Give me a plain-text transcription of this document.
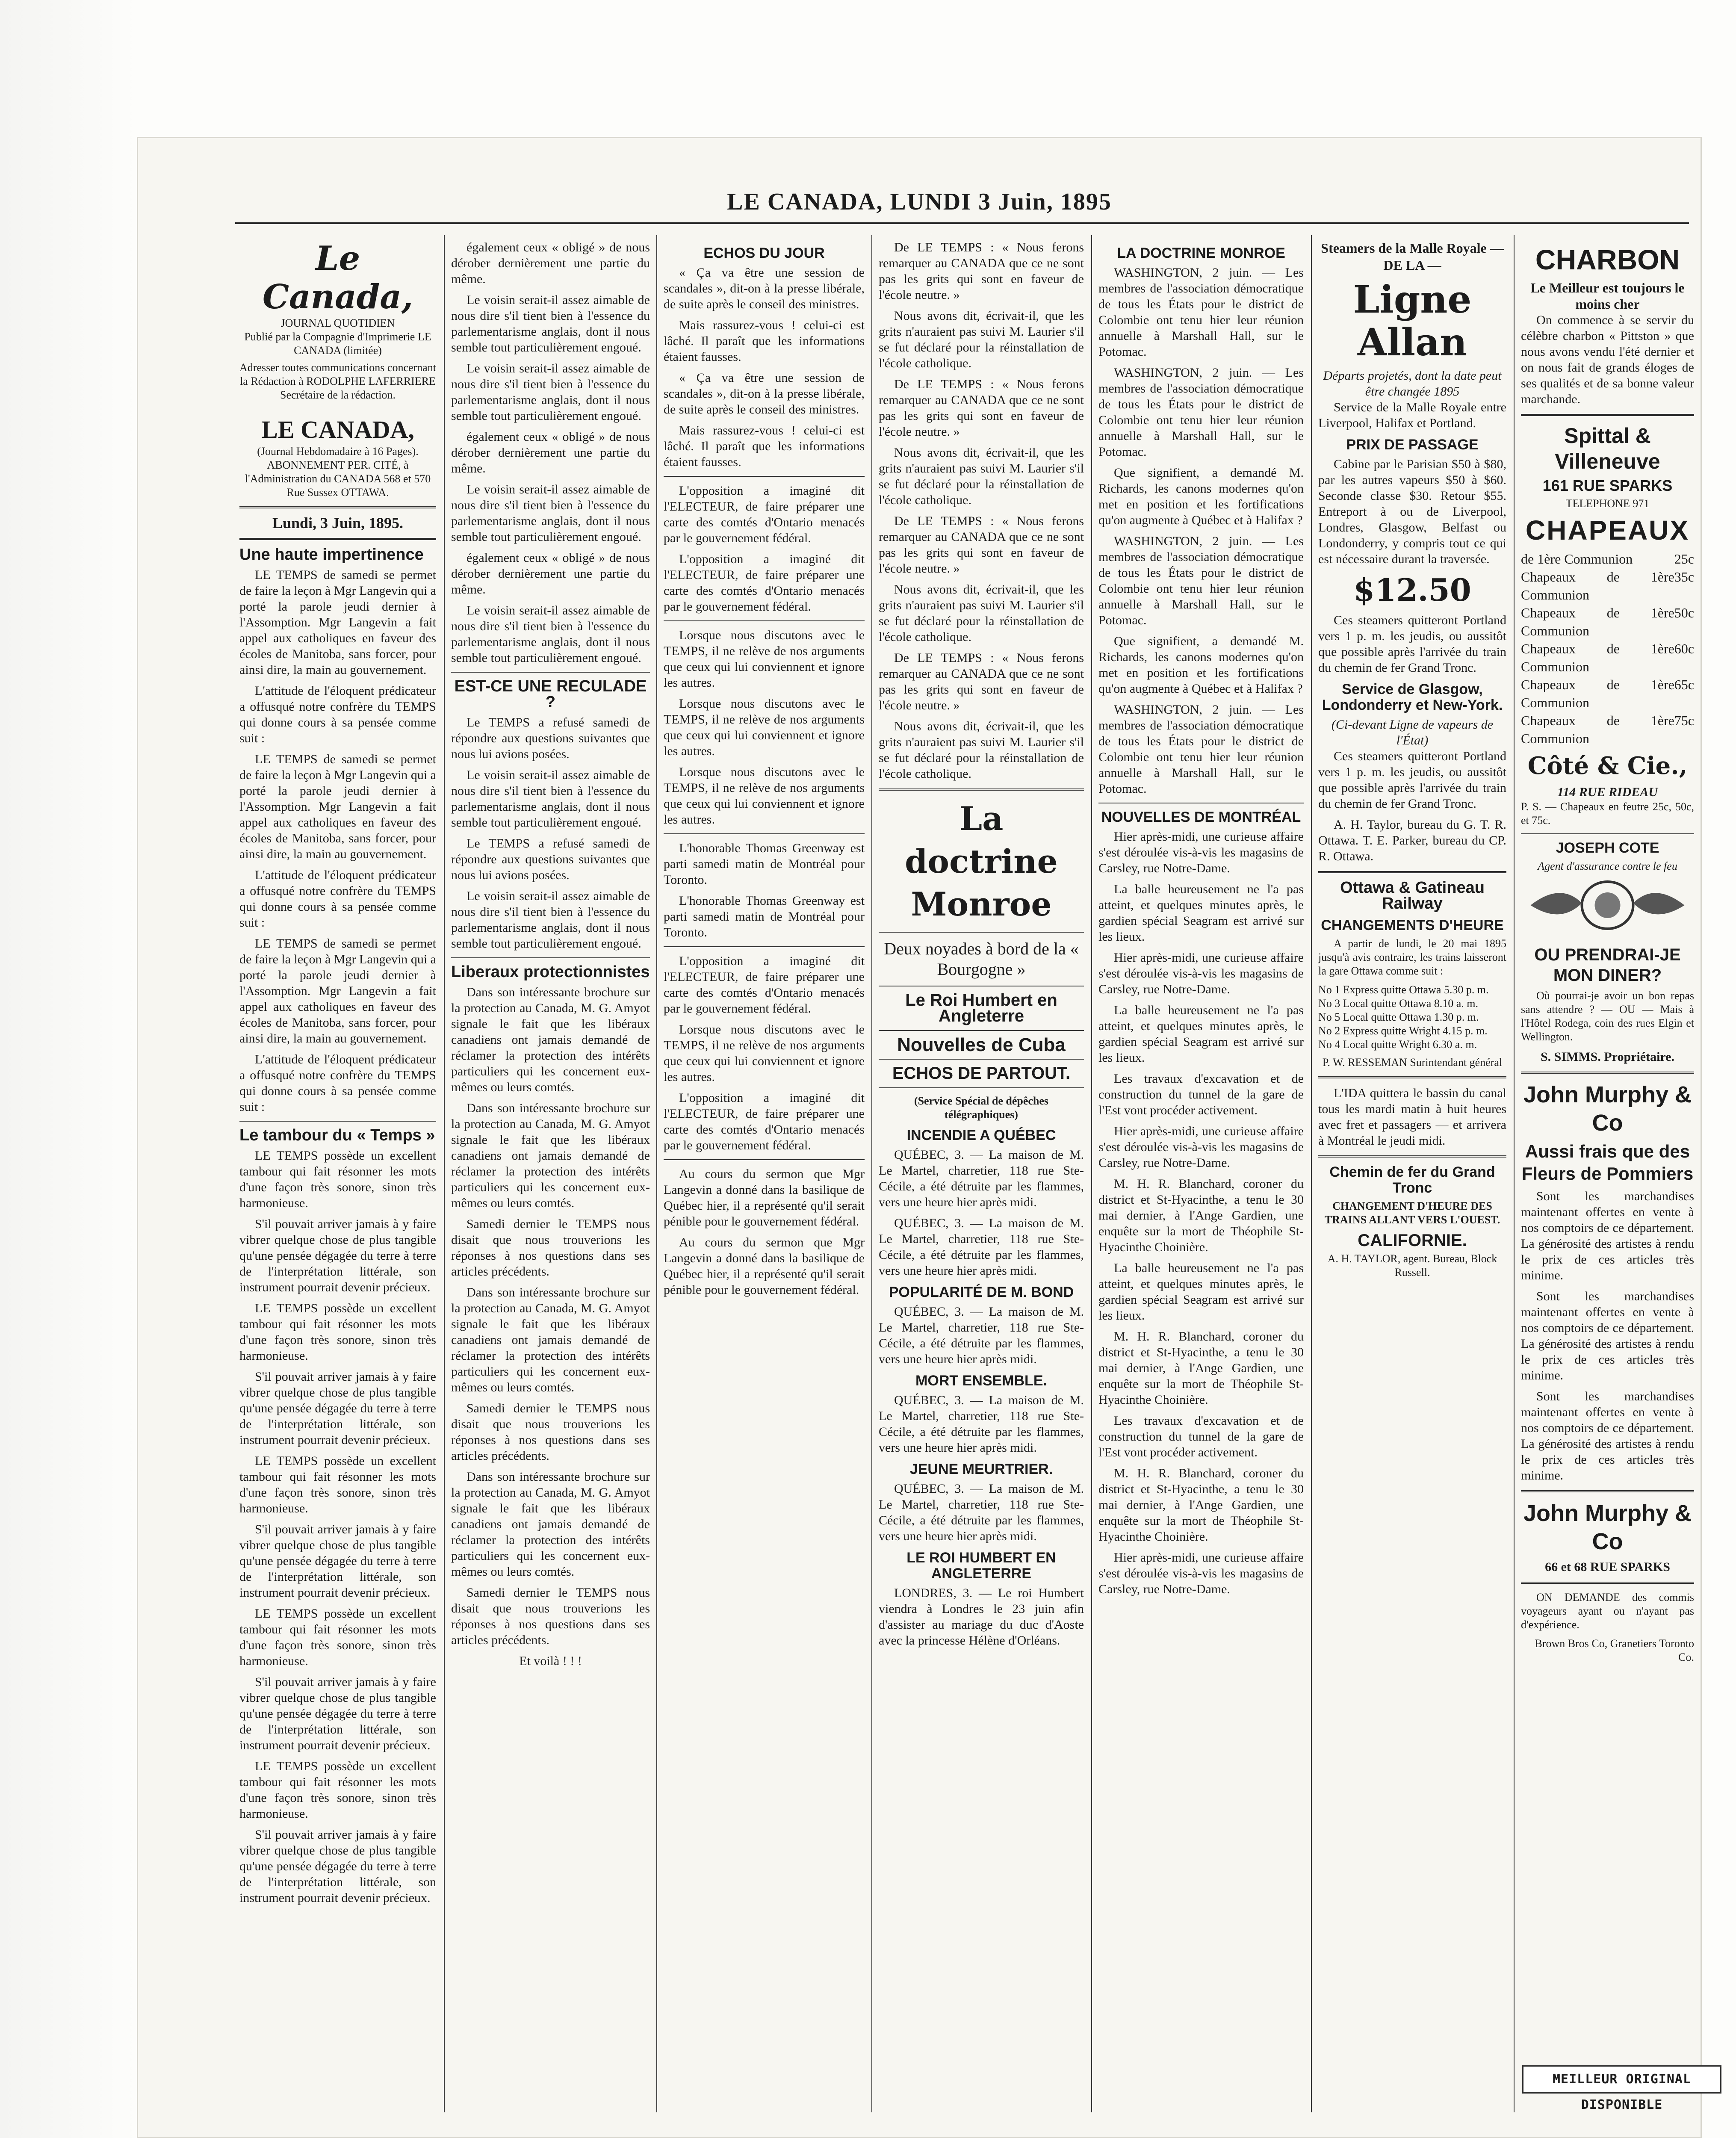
LE CANADA, LUNDI 3 Juin, 1895
Le Canada,
JOURNAL QUOTIDIEN
Publié par la Compagnie d'Imprimerie LE CANADA (limitée)
Adresser toutes communications concernant la Rédaction à RODOLPHE LAFERRIERE Secrétaire de la rédaction.
LE CANADA,
(Journal Hebdomadaire à 16 Pages).
ABONNEMENT PER. CITÉ, à l'Administration du CANADA 568 et 570 Rue Sussex OTTAWA.
Lundi, 3 Juin, 1895.
Une haute impertinence

LE TEMPS de samedi se permet de faire la leçon à Mgr Langevin qui a porté la parole jeudi dernier à l'Assomption. Mgr Langevin a fait appel aux catholiques en faveur des écoles de Manitoba, sans forcer, pour ainsi dire, la main au gouvernement.

L'attitude de l'éloquent prédicateur a offusqué notre confrère du TEMPS qui donne cours à sa pensée comme suit :

LE TEMPS de samedi se permet de faire la leçon à Mgr Langevin qui a porté la parole jeudi dernier à l'Assomption. Mgr Langevin a fait appel aux catholiques en faveur des écoles de Manitoba, sans forcer, pour ainsi dire, la main au gouvernement.

L'attitude de l'éloquent prédicateur a offusqué notre confrère du TEMPS qui donne cours à sa pensée comme suit :

LE TEMPS de samedi se permet de faire la leçon à Mgr Langevin qui a porté la parole jeudi dernier à l'Assomption. Mgr Langevin a fait appel aux catholiques en faveur des écoles de Manitoba, sans forcer, pour ainsi dire, la main au gouvernement.

L'attitude de l'éloquent prédicateur a offusqué notre confrère du TEMPS qui donne cours à sa pensée comme suit :

Le tambour du « Temps »

LE TEMPS possède un excellent tambour qui fait résonner les mots d'une façon très sonore, sinon très harmonieuse.

S'il pouvait arriver jamais à y faire vibrer quelque chose de plus tangible qu'une pensée dégagée du terre à terre de l'interprétation littérale, son instrument pourrait devenir précieux.

LE TEMPS possède un excellent tambour qui fait résonner les mots d'une façon très sonore, sinon très harmonieuse.

S'il pouvait arriver jamais à y faire vibrer quelque chose de plus tangible qu'une pensée dégagée du terre à terre de l'interprétation littérale, son instrument pourrait devenir précieux.

LE TEMPS possède un excellent tambour qui fait résonner les mots d'une façon très sonore, sinon très harmonieuse.

S'il pouvait arriver jamais à y faire vibrer quelque chose de plus tangible qu'une pensée dégagée du terre à terre de l'interprétation littérale, son instrument pourrait devenir précieux.

LE TEMPS possède un excellent tambour qui fait résonner les mots d'une façon très sonore, sinon très harmonieuse.

S'il pouvait arriver jamais à y faire vibrer quelque chose de plus tangible qu'une pensée dégagée du terre à terre de l'interprétation littérale, son instrument pourrait devenir précieux.

LE TEMPS possède un excellent tambour qui fait résonner les mots d'une façon très sonore, sinon très harmonieuse.

S'il pouvait arriver jamais à y faire vibrer quelque chose de plus tangible qu'une pensée dégagée du terre à terre de l'interprétation littérale, son instrument pourrait devenir précieux.

également ceux « obligé » de nous dérober dernièrement une partie du même.

Le voisin serait-il assez aimable de nous dire s'il tient bien à l'essence du parlementarisme anglais, dont il nous semble tout particulièrement engoué.

Le voisin serait-il assez aimable de nous dire s'il tient bien à l'essence du parlementarisme anglais, dont il nous semble tout particulièrement engoué.

également ceux « obligé » de nous dérober dernièrement une partie du même.

Le voisin serait-il assez aimable de nous dire s'il tient bien à l'essence du parlementarisme anglais, dont il nous semble tout particulièrement engoué.

également ceux « obligé » de nous dérober dernièrement une partie du même.

Le voisin serait-il assez aimable de nous dire s'il tient bien à l'essence du parlementarisme anglais, dont il nous semble tout particulièrement engoué.

EST-CE UNE RECULADE ?

Le TEMPS a refusé samedi de répondre aux questions suivantes que nous lui avions posées.

Le voisin serait-il assez aimable de nous dire s'il tient bien à l'essence du parlementarisme anglais, dont il nous semble tout particulièrement engoué.

Le TEMPS a refusé samedi de répondre aux questions suivantes que nous lui avions posées.

Le voisin serait-il assez aimable de nous dire s'il tient bien à l'essence du parlementarisme anglais, dont il nous semble tout particulièrement engoué.

Liberaux protectionnistes

Dans son intéressante brochure sur la protection au Canada, M. G. Amyot signale le fait que les libéraux canadiens ont jamais demandé de réclamer la protection des intérêts particuliers qui les concernent eux-mêmes ou leurs comtés.

Dans son intéressante brochure sur la protection au Canada, M. G. Amyot signale le fait que les libéraux canadiens ont jamais demandé de réclamer la protection des intérêts particuliers qui les concernent eux-mêmes ou leurs comtés.

Samedi dernier le TEMPS nous disait que nous trouverions les réponses à nos questions dans ses articles précédents.

Dans son intéressante brochure sur la protection au Canada, M. G. Amyot signale le fait que les libéraux canadiens ont jamais demandé de réclamer la protection des intérêts particuliers qui les concernent eux-mêmes ou leurs comtés.

Samedi dernier le TEMPS nous disait que nous trouverions les réponses à nos questions dans ses articles précédents.

Dans son intéressante brochure sur la protection au Canada, M. G. Amyot signale le fait que les libéraux canadiens ont jamais demandé de réclamer la protection des intérêts particuliers qui les concernent eux-mêmes ou leurs comtés.

Samedi dernier le TEMPS nous disait que nous trouverions les réponses à nos questions dans ses articles précédents.

Et voilà ! ! !

ECHOS DU JOUR

« Ça va être une session de scandales », dit-on à la presse libérale, de suite après le conseil des ministres.

Mais rassurez-vous ! celui-ci est lâché. Il paraît que les informations étaient fausses.

« Ça va être une session de scandales », dit-on à la presse libérale, de suite après le conseil des ministres.

Mais rassurez-vous ! celui-ci est lâché. Il paraît que les informations étaient fausses.

L'opposition a imaginé dit l'ELECTEUR, de faire préparer une carte des comtés d'Ontario menacés par le gouvernement fédéral.

L'opposition a imaginé dit l'ELECTEUR, de faire préparer une carte des comtés d'Ontario menacés par le gouvernement fédéral.

Lorsque nous discutons avec le TEMPS, il ne relève de nos arguments que ceux qui lui conviennent et ignore les autres.

Lorsque nous discutons avec le TEMPS, il ne relève de nos arguments que ceux qui lui conviennent et ignore les autres.

Lorsque nous discutons avec le TEMPS, il ne relève de nos arguments que ceux qui lui conviennent et ignore les autres.

L'honorable Thomas Greenway est parti samedi matin de Montréal pour Toronto.

L'honorable Thomas Greenway est parti samedi matin de Montréal pour Toronto.

L'opposition a imaginé dit l'ELECTEUR, de faire préparer une carte des comtés d'Ontario menacés par le gouvernement fédéral.

Lorsque nous discutons avec le TEMPS, il ne relève de nos arguments que ceux qui lui conviennent et ignore les autres.

L'opposition a imaginé dit l'ELECTEUR, de faire préparer une carte des comtés d'Ontario menacés par le gouvernement fédéral.

Au cours du sermon que Mgr Langevin a donné dans la basilique de Québec hier, il a représenté qu'il serait pénible pour le gouvernement fédéral.

Au cours du sermon que Mgr Langevin a donné dans la basilique de Québec hier, il a représenté qu'il serait pénible pour le gouvernement fédéral.

De LE TEMPS : « Nous ferons remarquer au CANADA que ce ne sont pas les grits qui sont en faveur de l'école neutre. »

Nous avons dit, écrivait-il, que les grits n'auraient pas suivi M. Laurier s'il se fut déclaré pour la réinstallation de l'école catholique.

De LE TEMPS : « Nous ferons remarquer au CANADA que ce ne sont pas les grits qui sont en faveur de l'école neutre. »

Nous avons dit, écrivait-il, que les grits n'auraient pas suivi M. Laurier s'il se fut déclaré pour la réinstallation de l'école catholique.

De LE TEMPS : « Nous ferons remarquer au CANADA que ce ne sont pas les grits qui sont en faveur de l'école neutre. »

Nous avons dit, écrivait-il, que les grits n'auraient pas suivi M. Laurier s'il se fut déclaré pour la réinstallation de l'école catholique.

De LE TEMPS : « Nous ferons remarquer au CANADA que ce ne sont pas les grits qui sont en faveur de l'école neutre. »

Nous avons dit, écrivait-il, que les grits n'auraient pas suivi M. Laurier s'il se fut déclaré pour la réinstallation de l'école catholique.

La doctrine Monroe
Deux noyades à bord de la « Bourgogne »
Le Roi Humbert en Angleterre
Nouvelles de Cuba
ECHOS DE PARTOUT.
(Service Spécial de dépêches télégraphiques)
INCENDIE A QUÉBEC

QUÉBEC, 3. — La maison de M. Le Martel, charretier, 118 rue Ste-Cécile, a été détruite par les flammes, vers une heure hier après midi.

QUÉBEC, 3. — La maison de M. Le Martel, charretier, 118 rue Ste-Cécile, a été détruite par les flammes, vers une heure hier après midi.

POPULARITÉ DE M. BOND

QUÉBEC, 3. — La maison de M. Le Martel, charretier, 118 rue Ste-Cécile, a été détruite par les flammes, vers une heure hier après midi.

MORT ENSEMBLE.

QUÉBEC, 3. — La maison de M. Le Martel, charretier, 118 rue Ste-Cécile, a été détruite par les flammes, vers une heure hier après midi.

JEUNE MEURTRIER.

QUÉBEC, 3. — La maison de M. Le Martel, charretier, 118 rue Ste-Cécile, a été détruite par les flammes, vers une heure hier après midi.

LE ROI HUMBERT EN ANGLETERRE

LONDRES, 3. — Le roi Humbert viendra à Londres le 23 juin afin d'assister au mariage du duc d'Aoste avec la princesse Hélène d'Orléans.

LA DOCTRINE MONROE

WASHINGTON, 2 juin. — Les membres de l'association démocratique de tous les États pour le district de Colombie ont tenu hier leur réunion annuelle à Marshall Hall, sur le Potomac.

WASHINGTON, 2 juin. — Les membres de l'association démocratique de tous les États pour le district de Colombie ont tenu hier leur réunion annuelle à Marshall Hall, sur le Potomac.

Que signifient, a demandé M. Richards, les canons modernes qu'on met en position et les fortifications qu'on augmente à Québec et à Halifax ?

WASHINGTON, 2 juin. — Les membres de l'association démocratique de tous les États pour le district de Colombie ont tenu hier leur réunion annuelle à Marshall Hall, sur le Potomac.

Que signifient, a demandé M. Richards, les canons modernes qu'on met en position et les fortifications qu'on augmente à Québec et à Halifax ?

WASHINGTON, 2 juin. — Les membres de l'association démocratique de tous les États pour le district de Colombie ont tenu hier leur réunion annuelle à Marshall Hall, sur le Potomac.

NOUVELLES DE MONTRÉAL

Hier après-midi, une curieuse affaire s'est déroulée vis-à-vis les magasins de Carsley, rue Notre-Dame.

La balle heureusement ne l'a pas atteint, et quelques minutes après, le gardien spécial Seagram est arrivé sur les lieux.

Hier après-midi, une curieuse affaire s'est déroulée vis-à-vis les magasins de Carsley, rue Notre-Dame.

La balle heureusement ne l'a pas atteint, et quelques minutes après, le gardien spécial Seagram est arrivé sur les lieux.

Les travaux d'excavation et de construction du tunnel de la gare de l'Est vont procéder activement.

Hier après-midi, une curieuse affaire s'est déroulée vis-à-vis les magasins de Carsley, rue Notre-Dame.

M. H. R. Blanchard, coroner du district et St-Hyacinthe, a tenu le 30 mai dernier, à l'Ange Gardien, une enquête sur la mort de Théophile St-Hyacinthe Choinière.

La balle heureusement ne l'a pas atteint, et quelques minutes après, le gardien spécial Seagram est arrivé sur les lieux.

M. H. R. Blanchard, coroner du district et St-Hyacinthe, a tenu le 30 mai dernier, à l'Ange Gardien, une enquête sur la mort de Théophile St-Hyacinthe Choinière.

Les travaux d'excavation et de construction du tunnel de la gare de l'Est vont procéder activement.

M. H. R. Blanchard, coroner du district et St-Hyacinthe, a tenu le 30 mai dernier, à l'Ange Gardien, une enquête sur la mort de Théophile St-Hyacinthe Choinière.

Hier après-midi, une curieuse affaire s'est déroulée vis-à-vis les magasins de Carsley, rue Notre-Dame.

Steamers de la Malle Royale — DE LA —
Ligne Allan
Départs projetés, dont la date peut être changée 1895

Service de la Malle Royale entre Liverpool, Halifax et Portland.

PRIX DE PASSAGE

Cabine par le Parisian $50 à $80, par les autres vapeurs $50 à $60. Seconde classe $30. Retour $55. Entreport à ou de Liverpool, Londres, Glasgow, Belfast ou Londonderry, y compris tout ce qui est nécessaire durant la traversée.

$12.50

Ces steamers quitteront Portland vers 1 p. m. les jeudis, ou aussitôt que possible après l'arrivée du train du chemin de fer Grand Tronc.

Service de Glasgow, Londonderry et New-York.
(Ci-devant Ligne de vapeurs de l'État)

Ces steamers quitteront Portland vers 1 p. m. les jeudis, ou aussitôt que possible après l'arrivée du train du chemin de fer Grand Tronc.

A. H. Taylor, bureau du G. T. R. Ottawa. T. E. Parker, bureau du CP. R. Ottawa.

Ottawa & Gatineau Railway
CHANGEMENTS D'HEURE

A partir de lundi, le 20 mai 1895 jusqu'à avis contraire, les trains laisseront la gare Ottawa comme suit :

No 1 Express quitte Ottawa 5.30 p. m.
No 3 Local quitte Ottawa 8.10 a. m.
No 5 Local quitte Ottawa 1.30 p. m.
No 2 Express quitte Wright 4.15 p. m.
No 4 Local quitte Wright 6.30 a. m.
P. W. RESSEMAN Surintendant général

L'IDA quittera le bassin du canal tous les mardi matin à huit heures avec fret et passagers — et arrivera à Montréal le jeudi midi.

Chemin de fer du Grand Tronc
CHANGEMENT D'HEURE DES TRAINS ALLANT VERS L'OUEST.
CALIFORNIE.
A. H. TAYLOR, agent. Bureau, Block Russell.
CHARBON
Le Meilleur est toujours le moins cher

On commence à se servir du célèbre charbon « Pittston » que nous avons vendu l'été dernier et on nous fait de grands éloges de ses qualités et de sa bonne valeur marchande.

Spittal & Villeneuve
161 RUE SPARKS
TELEPHONE 971
CHAPEAUX
de 1ère Communion	25c
Chapeaux de 1ère Communion
35c
Chapeaux de 1ère Communion
50c
Chapeaux de 1ère Communion
60c
Chapeaux de 1ère Communion
65c
Chapeaux de 1ère Communion
75c
Côté & Cie.,
114 RUE RIDEAU
P. S. — Chapeaux en feutre 25c, 50c, et 75c.
JOSEPH COTE
Agent d'assurance contre le feu
OU PRENDRAI-JE MON DINER?

Où pourrai-je avoir un bon repas sans attendre ? — OU — Mais à l'Hôtel Rodega, coin des rues Elgin et Wellington.

S. SIMMS. Propriétaire.
John Murphy & Co
Aussi frais que des Fleurs de Pommiers

Sont les marchandises maintenant offertes en vente à nos comptoirs de ce département. La générosité des artistes à rendu le prix de ces articles très minime.

Sont les marchandises maintenant offertes en vente à nos comptoirs de ce département. La générosité des artistes à rendu le prix de ces articles très minime.

Sont les marchandises maintenant offertes en vente à nos comptoirs de ce département. La générosité des artistes à rendu le prix de ces articles très minime.

John Murphy & Co
66 et 68 RUE SPARKS

ON DEMANDE des commis voyageurs ayant ou n'ayant pas d'expérience.

Brown Bros Co, Granetiers Toronto Co.
MEILLEUR ORIGINAL DISPONIBLE
